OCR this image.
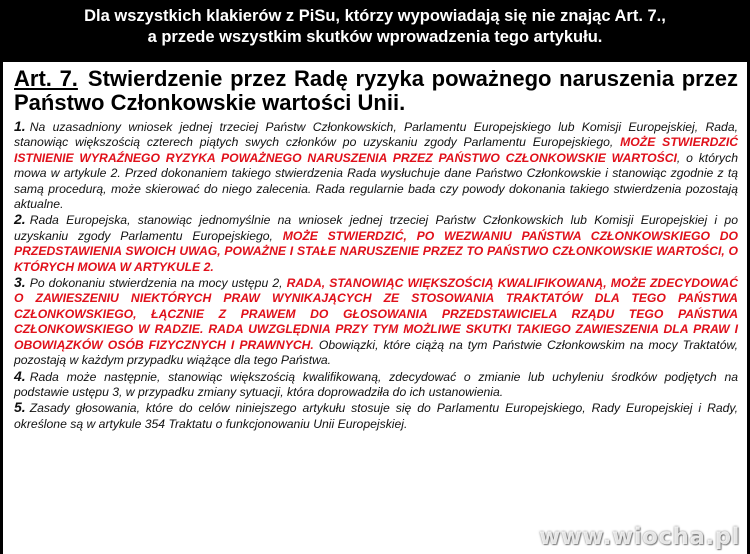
Dla wszystkich klakierów z PiSu, którzy wypowiadają się nie znając Art. 7.,
a przede wszystkim skutków wprowadzenia tego artykułu.
Art. 7. Stwierdzenie przez Radę ryzyka poważnego naruszenia przez Państwo Członkowskie wartości Unii.

1. Na uzasadniony wniosek jednej trzeciej Państw Członkowskich, Parlamentu Europejskiego lub Komisji Europejskiej, Rada, stanowiąc większością czterech piątych swych członków po uzyskaniu zgody Parlamentu Europejskiego, MOŻE STWIERDZIĆ ISTNIENIE WYRAŹNEGO RYZYKA POWAŻNEGO NARUSZENIA PRZEZ PAŃSTWO CZŁONKOWSKIE WARTOŚCI, o których mowa w artykule 2. Przed dokonaniem takiego stwierdzenia Rada wysłuchuje dane Państwo Członkowskie i stanowiąc zgodnie z tą samą procedurą, może skierować do niego zalecenia. Rada regularnie bada czy powody dokonania takiego stwierdzenia pozostają aktualne.

2. Rada Europejska, stanowiąc jednomyślnie na wniosek jednej trzeciej Państw Członkowskich lub Komisji Europejskiej i po uzyskaniu zgody Parlamentu Europejskiego, MOŻE STWIERDZIĆ, PO WEZWANIU PAŃSTWA CZŁONKOWSKIEGO DO PRZEDSTAWIENIA SWOICH UWAG, POWAŻNE I STAŁE NARUSZENIE PRZEZ TO PAŃSTWO CZŁONKOWSKIE WARTOŚCI, O KTÓRYCH MOWA W ARTYKULE 2.

3. Po dokonaniu stwierdzenia na mocy ustępu 2, RADA, STANOWIĄC WIĘKSZOŚCIĄ KWALIFIKOWANĄ, MOŻE ZDECYDOWAĆ O ZAWIESZENIU NIEKTÓRYCH PRAW WYNIKAJĄCYCH ZE STOSOWANIA TRAKTATÓW DLA TEGO PAŃSTWA CZŁONKOWSKIEGO, ŁĄCZNIE Z PRAWEM DO GŁOSOWANIA PRZEDSTAWICIELA RZĄDU TEGO PAŃSTWA CZŁONKOWSKIEGO W RADZIE. RADA UWZGLĘDNIA PRZY TYM MOŻLIWE SKUTKI TAKIEGO ZAWIESZENIA DLA PRAW I OBOWIĄZKÓW OSÓB FIZYCZNYCH I PRAWNYCH. Obowiązki, które ciążą na tym Państwie Członkowskim na mocy Traktatów, pozostają w każdym przypadku wiążące dla tego Państwa.

4. Rada może następnie, stanowiąc większością kwalifikowaną, zdecydować o zmianie lub uchyleniu środków podjętych na podstawie ustępu 3, w przypadku zmiany sytuacji, która doprowadziła do ich ustanowienia.

5. Zasady głosowania, które do celów niniejszego artykułu stosuje się do Parlamentu Europejskiego, Rady Europejskiej i Rady, określone są w artykule 354 Traktatu o funkcjonowaniu Unii Europejskiej.

www.wiocha.pl
